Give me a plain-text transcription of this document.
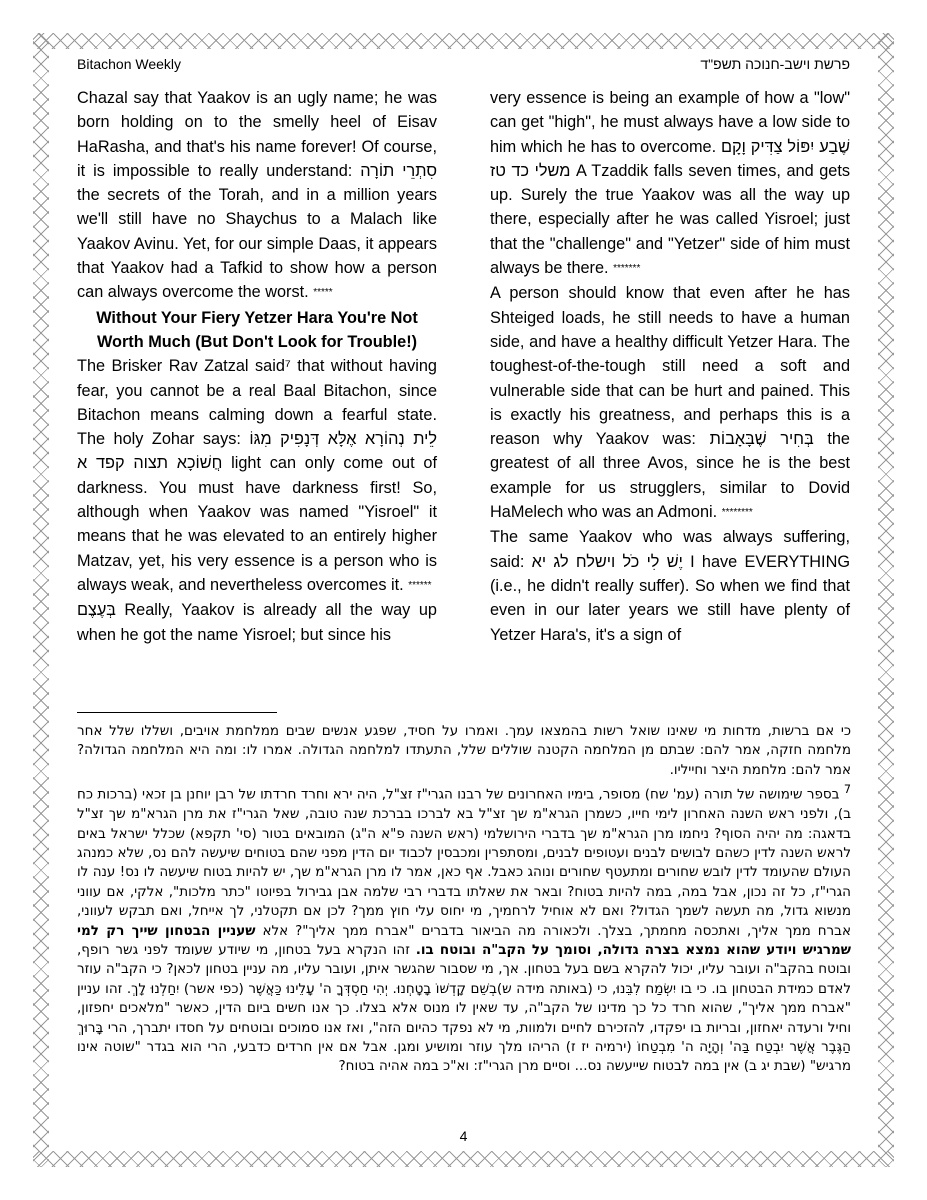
Bitachon Weekly	פרשת וישב-חנוכה תשפ"ד

Chazal say that Yaakov is an ugly name; he was born holding on to the smelly heel of Eisav HaRasha, and that's his name forever! Of course, it is impossible to really understand: סִתְרֵי תוֹרָה the secrets of the Torah, and in a million years we'll still have no Shaychus to a Malach like Yaakov Avinu. Yet, for our simple Daas, it appears that Yaakov had a Tafkid to show how a person can always overcome the worst. *****

Without Your Fiery Yetzer Hara You're Not Worth Much (But Don't Look for Trouble!)

The Brisker Rav Zatzal said⁷ that without having fear, you cannot be a real Baal Bitachon, since Bitachon means calming down a fearful state. The holy Zohar says: לֵית נְהוֹרָא אֶלָּא דְּנָפִיק מִגּוֹ חֲשׁוֹכָא תצוה קפד א light can only come out of darkness. You must have darkness first! So, although when Yaakov was named "Yisroel" it means that he was elevated to an entirely higher Matzav, yet, his very essence is a person who is always weak, and nevertheless overcomes it. ******

בְּעֶצֶם Really, Yaakov is already all the way up when he got the name Yisroel; but since his

very essence is being an example of how a "low" can get "high", he must always have a low side to him which he has to overcome. שֶׁבַע יִפּוֹל צַדִּיק וָקָם משלי כד טז A Tzaddik falls seven times, and gets up. Surely the true Yaakov was all the way up there, especially after he was called Yisroel; just that the "challenge" and "Yetzer" side of him must always be there. *******

A person should know that even after he has Shteiged loads, he still needs to have a human side, and have a healthy difficult Yetzer Hara. The toughest-of-the-tough still need a soft and vulnerable side that can be hurt and pained. This is exactly his greatness, and perhaps this is a reason why Yaakov was: בְּחִיר שֶׁבָּאָבוֹת the greatest of all three Avos, since he is the best example for us strugglers, similar to Dovid HaMelech who was an Admoni. ********

The same Yaakov who was always suffering, said: יֶשׁ לִי כֹל וישלח לג יא I have EVERYTHING (i.e., he didn't really suffer). So when we find that even in our later years we still have plenty of Yetzer Hara's, it's a sign of

כי אם ברשות, מדחות מי שאינו שואל רשות בהמצאו עמך. ואמרו על חסיד, שפגע אנשים שבים ממלחמת אויבים, ושללו שלל אחר מלחמה חזקה, אמר להם: שבתם מן המלחמה הקטנה שוללים שלל, התעתדו למלחמה הגדולה. אמרו לו: ומה היא המלחמה הגדולה? אמר להם: מלחמת היצר וחייליו.

$^7$ בספר שימושה של תורה (עמ' שח) מסופר, בימיו האחרונים של רבנו הגרי"ז זצ"ל, היה ירא וחרד חרדתו של רבן יוחנן בן זכאי (ברכות כח ב), ולפני ראש השנה האחרון לימי חייו, כשמרן הגרא"מ שך זצ"ל בא לברכו בברכת שנה טובה, שאל הגרי"ז את מרן הגרא"מ שך זצ"ל בדאגה: מה יהיה הסוף? ניחמו מרן הגרא"מ שך בדברי הירושלמי (ראש השנה פ"א ה"ג) המובאים בטור (סי' תקפא) שכלל ישראל באים לראש השנה לדין כשהם לבושים לבנים ועטופים לבנים, ומסתפרין ומכבסין לכבוד יום הדין מפני שהם בטוחים שיעשה להם נס, שלא כמנהג העולם שהעומד לדין לובש שחורים ומתעטף שחורים ונוהג כאבל. אף כאן, אמר לו מרן הגרא"מ שך, יש להיות בטוח שיעשה לו נס! ענה לו הגרי"ז, כל זה נכון, אבל במה, במה להיות בטוח? ובאר את שאלתו בדברי רבי שלמה אבן גבירול בפיוטו "כתר מלכות", אלקי, אם עווני מנשוא גדול, מה תעשה לשמך הגדול? ואם לא אוחיל לרחמיך, מי יחוס עלי חוץ ממך? לכן אם תקטלני, לך אייחל, ואם תבקש לעווני, אברח ממך אליך, ואתכסה מחמתך, בצלך. ולכאורה מה הביאור בדברים "אברח ממך אליך"? אלא שעניין הבטחון שייך רק למי שמרגיש ויודע שהוא נמצא בצרה גדולה, וסומך על הקב"ה ובוטח בו. זהו הנקרא בעל בטחון, מי שיודע שעומד לפני גשר רופף, ובוטח בהקב"ה ועובר עליו, יכול להקרא בשם בעל בטחון. אך, מי שסבור שהגשר איתן, ועובר עליו, מה עניין בטחון לכאן? כי הקב"ה עוזר לאדם כמידת הבטחון בו. כי בו יִשְׂמַח לִבֵּנוּ, כי (באותה מידה ש)בְשֵׁם קָדְשׁוֹ בָטָחְנוּ. יְהִי חַסְדְּךָ ה' עָלֵינוּ כַּאֲשֶׁר (כפי אשר) יִחַלְנוּ לָךְ. זהו עניין "אברח ממך אליך", שהוא חרד כל כך מדינו של הקב"ה, עד שאין לו מנוס אלא בצלו. כך אנו חשים ביום הדין, כאשר "מלאכים יחפזון, וחיל ורעדה יאחזון, ובריות בו יפקדו, להזכירם לחיים ולמוות, מי לא נפקד כהיום הזה", ואז אנו סמוכים ובוטחים על חסדו יתברך, הרי בָּרוּךְ הַגֶּבֶר אֲשֶׁר יִבְטַח בַּה' וְהָיָה ה' מִבְטַחוֹ (ירמיה יז ז) הריהו מלך עוזר ומושיע ומגן. אבל אם אין חרדים כדבעי, הרי הוא בגדר "שוטה אינו מרגיש" (שבת יג ב) אין במה לבטוח שייעשה נס... וסיים מרן הגרי"ז: וא"כ במה אהיה בטוח?

4
